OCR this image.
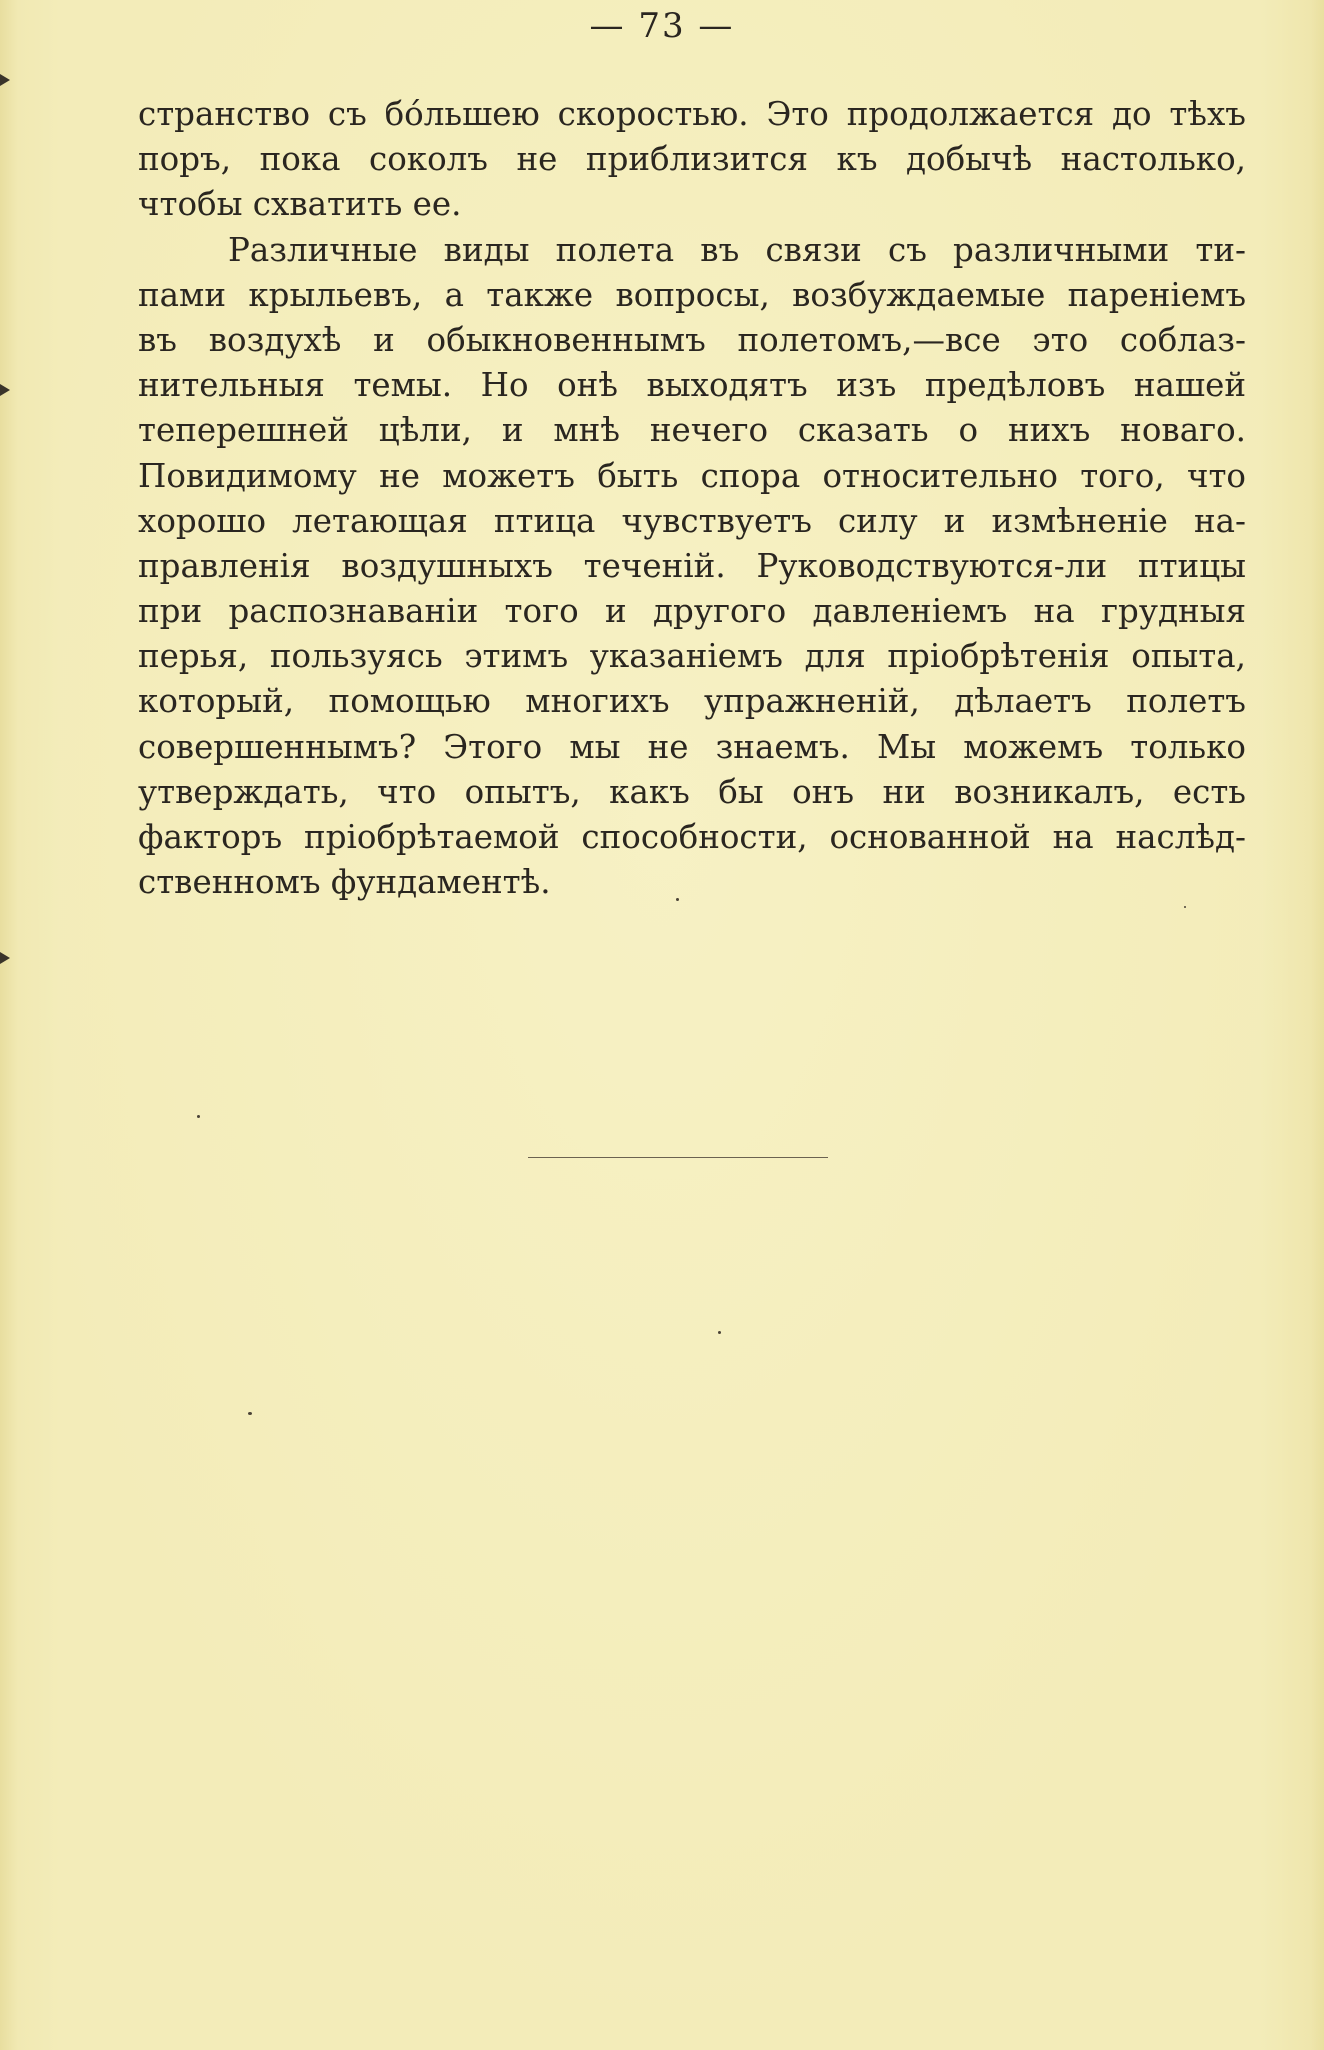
— 73 —
странство съ бо́льшею скоростью. Это продолжается до тѣхъ
поръ, пока соколъ не приблизится къ добычѣ настолько,
чтобы схватить ее.
Различные виды полета въ связи съ различными ти-
пами крыльевъ, а также вопросы, возбуждаемые пареніемъ
въ воздухѣ и обыкновеннымъ полетомъ,—все это соблаз-
нительныя темы. Но онѣ выходятъ изъ предѣловъ нашей
теперешней цѣли, и мнѣ нечего сказать о нихъ новаго.
Повидимому не можетъ быть спора относительно того, что
хорошо летающая птица чувствуетъ силу и измѣненіе на-
правленія воздушныхъ теченій. Руководствуются-ли птицы
при распознаваніи того и другого давленіемъ на грудныя
перья, пользуясь этимъ указаніемъ для пріобрѣтенія опыта,
который, помощью многихъ упражненій, дѣлаетъ полетъ
совершеннымъ? Этого мы не знаемъ. Мы можемъ только
утверждать, что опытъ, какъ бы онъ ни возникалъ, есть
факторъ пріобрѣтаемой способности, основанной на наслѣд-
ственномъ фундаментѣ.
